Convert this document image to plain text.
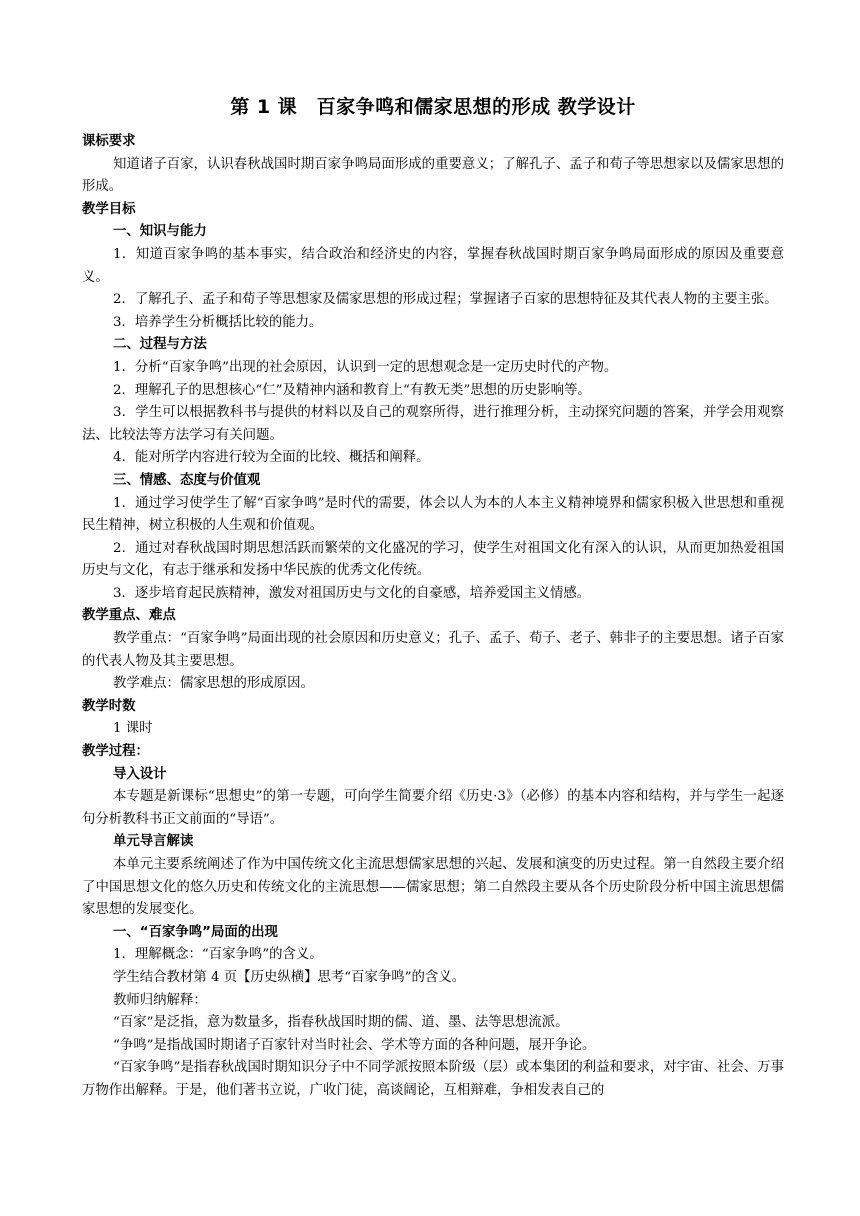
第 1 课　百家争鸣和儒家思想的形成 教学设计
课标要求
知道诸子百家，认识春秋战国时期百家争鸣局面形成的重要意义；了解孔子、孟子和荀子等思想家以及儒家思想的形成。
教学目标
一、知识与能力
1．知道百家争鸣的基本事实，结合政治和经济史的内容，掌握春秋战国时期百家争鸣局面形成的原因及重要意义。
2．了解孔子、孟子和荀子等思想家及儒家思想的形成过程；掌握诸子百家的思想特征及其代表人物的主要主张。
3．培养学生分析概括比较的能力。
二、过程与方法
1．分析“百家争鸣”出现的社会原因，认识到一定的思想观念是一定历史时代的产物。
2．理解孔子的思想核心“仁”及精神内涵和教育上“有教无类”思想的历史影响等。
3．学生可以根据教科书与提供的材料以及自己的观察所得，进行推理分析，主动探究问题的答案，并学会用观察法、比较法等方法学习有关问题。
4．能对所学内容进行较为全面的比较、概括和阐释。
三、情感、态度与价值观
1．通过学习使学生了解“百家争鸣”是时代的需要，体会以人为本的人本主义精神境界和儒家积极入世思想和重视民生精神，树立积极的人生观和价值观。
2．通过对春秋战国时期思想活跃而繁荣的文化盛况的学习，使学生对祖国文化有深入的认识，从而更加热爱祖国历史与文化，有志于继承和发扬中华民族的优秀文化传统。
3．逐步培育起民族精神，激发对祖国历史与文化的自豪感，培养爱国主义情感。
教学重点、难点
教学重点：“百家争鸣”局面出现的社会原因和历史意义；孔子、孟子、荀子、老子、韩非子的主要思想。诸子百家的代表人物及其主要思想。
教学难点：儒家思想的形成原因。
教学时数
1 课时
教学过程：
导入设计
本专题是新课标“思想史”的第一专题，可向学生简要介绍《历史·3》（必修）的基本内容和结构，并与学生一起逐句分析教科书正文前面的“导语”。
单元导言解读
本单元主要系统阐述了作为中国传统文化主流思想儒家思想的兴起、发展和演变的历史过程。第一自然段主要介绍了中国思想文化的悠久历史和传统文化的主流思想——儒家思想；第二自然段主要从各个历史阶段分析中国主流思想儒家思想的发展变化。
一、“百家争鸣”局面的出现
1．理解概念：“百家争鸣”的含义。
学生结合教材第 4 页【历史纵横】思考“百家争鸣”的含义。
教师归纳解释：
“百家”是泛指，意为数量多，指春秋战国时期的儒、道、墨、法等思想流派。
“争鸣”是指战国时期诸子百家针对当时社会、学术等方面的各种问题，展开争论。
“百家争鸣”是指春秋战国时期知识分子中不同学派按照本阶级（层）或本集团的利益和要求，对宇宙、社会、万事万物作出解释。于是，他们著书立说，广收门徒，高谈阔论，互相辩难，争相发表自己的
